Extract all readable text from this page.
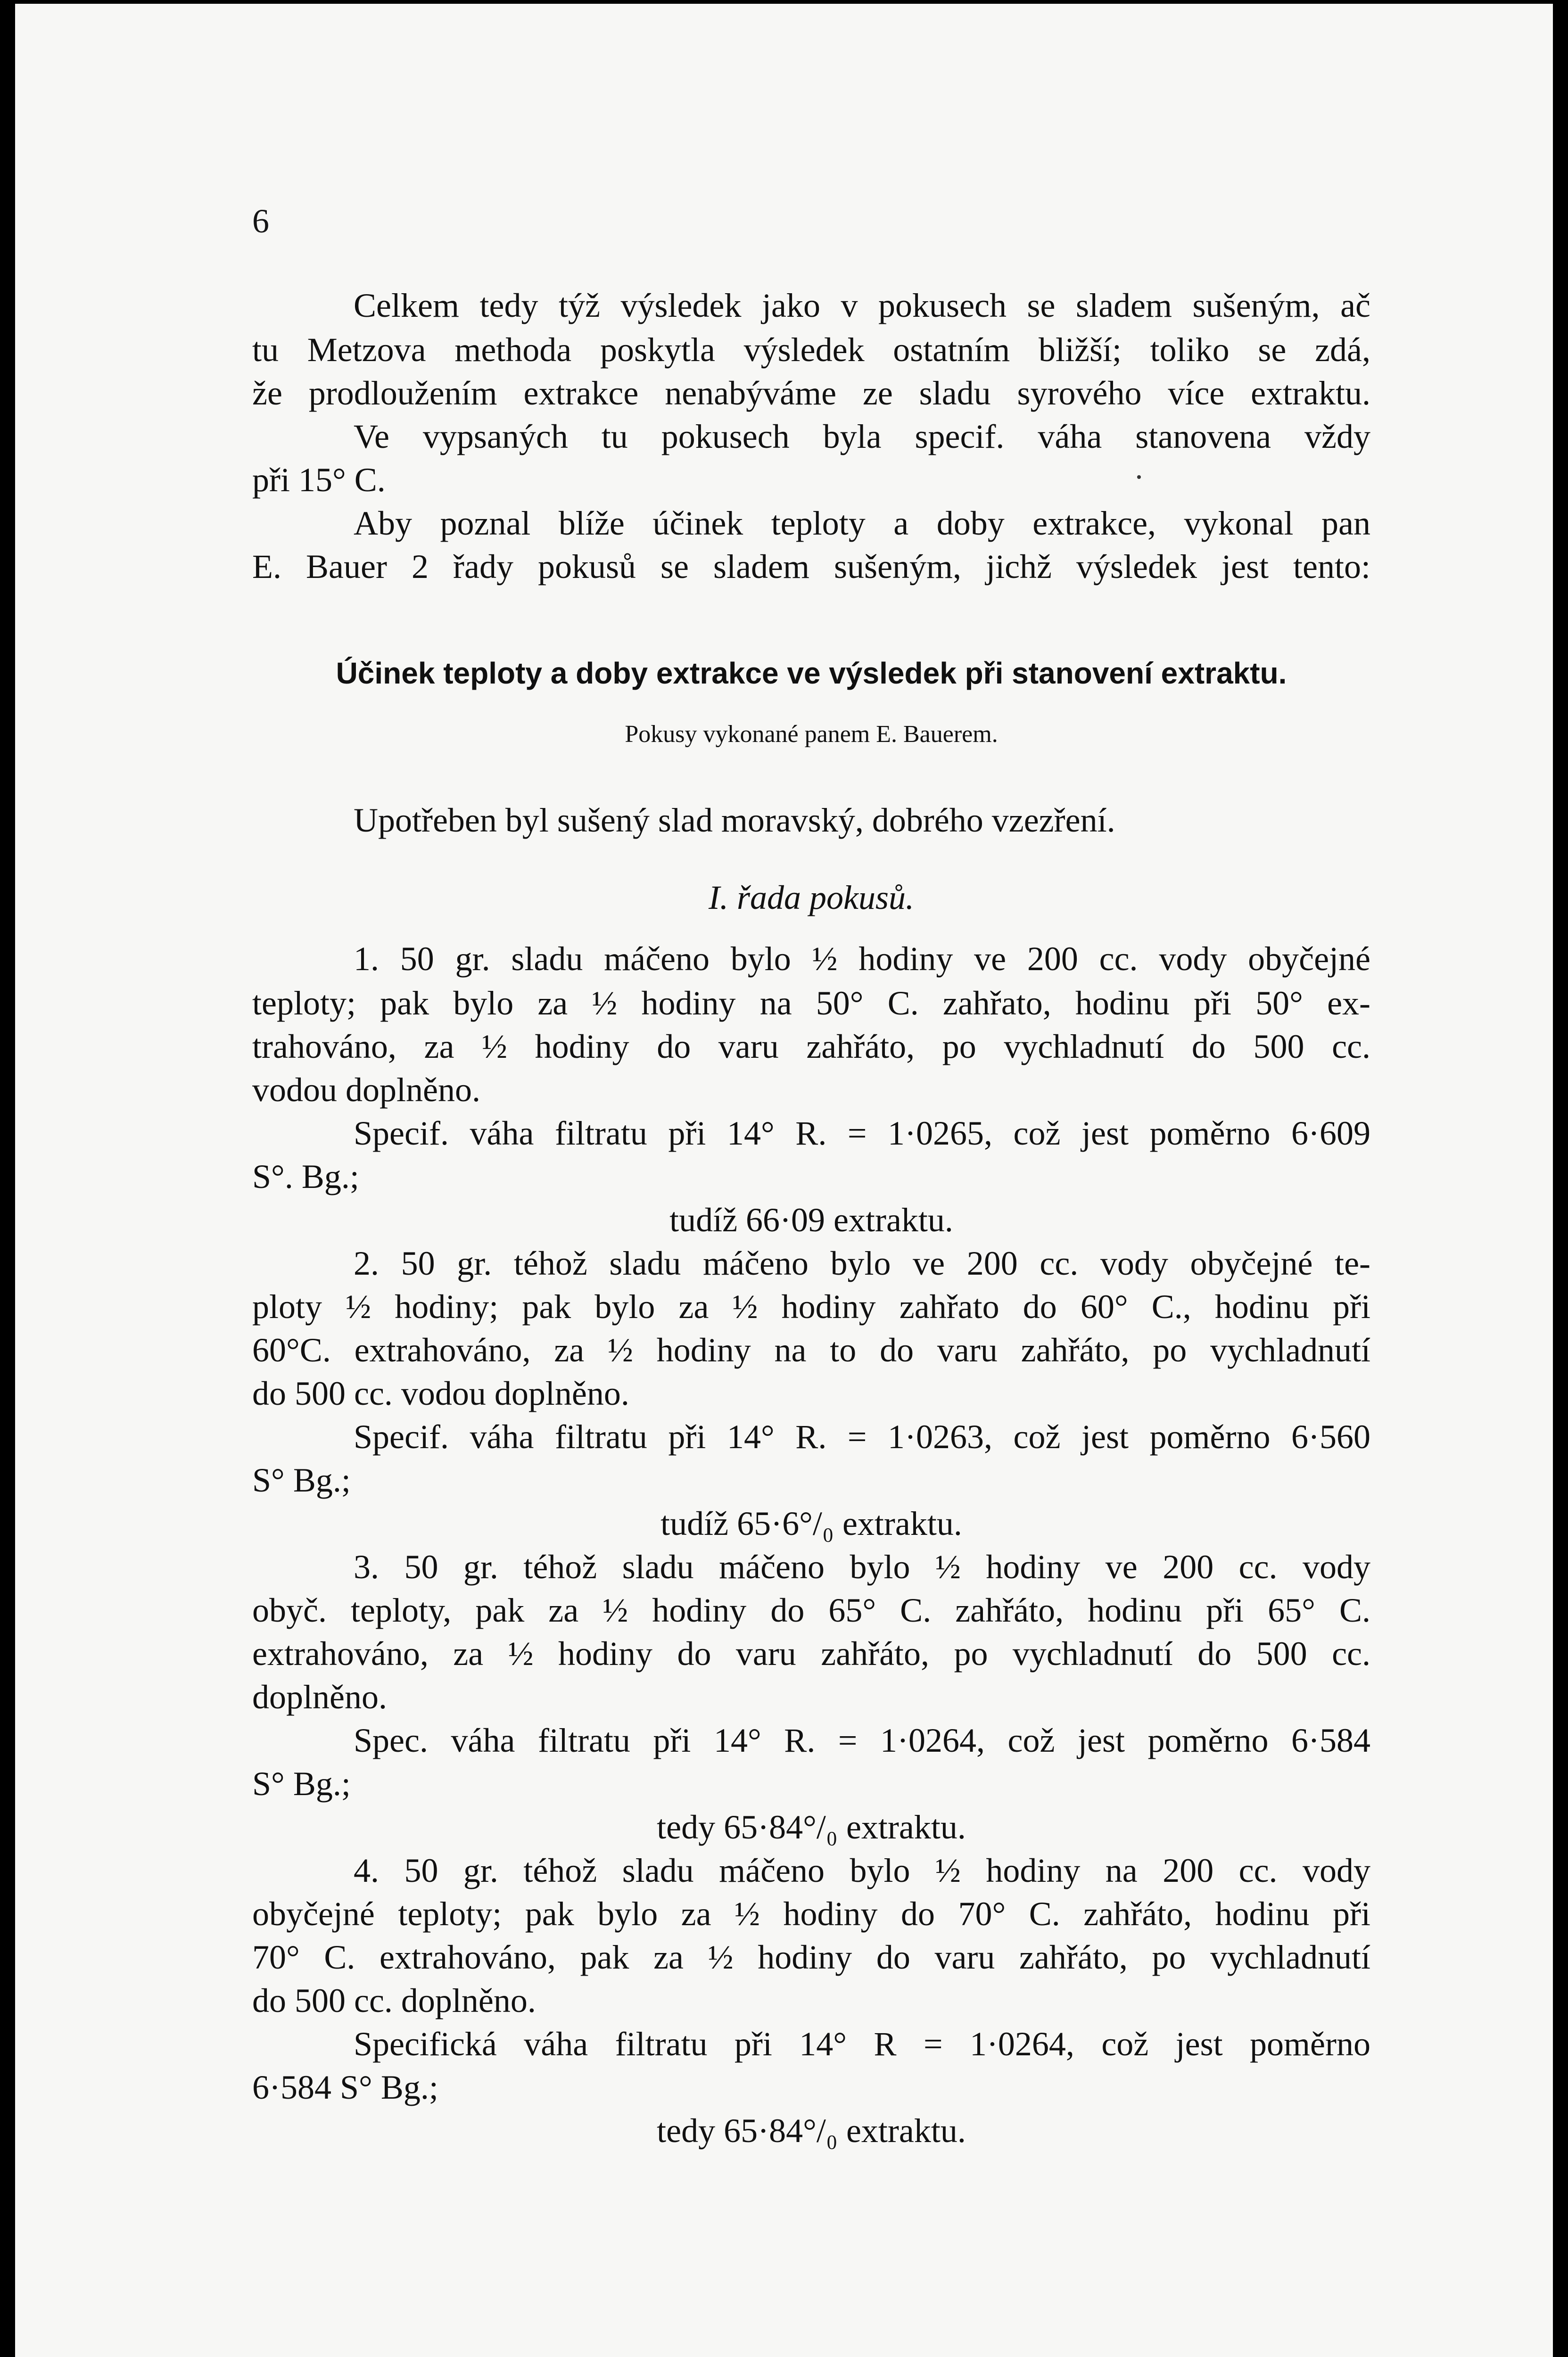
6
Celkem tedy týž výsledek jako v pokusech se sladem sušeným, ač
tu Metzova methoda poskytla výsledek ostatním bližší; toliko se zdá,
že prodloužením extrakce nenabýváme ze sladu syrového více extraktu.
Ve vypsaných tu pokusech byla specif. váha stanovena vždy
při 15° C.
Aby poznal blíže účinek teploty a doby extrakce, vykonal pan
E. Bauer 2 řady pokusů se sladem sušeným, jichž výsledek jest tento:
Účinek teploty a doby extrakce ve výsledek při stanovení extraktu.
Pokusy vykonané panem E. Bauerem.
Upotřeben byl sušený slad moravský, dobrého vzezření.
I. řada pokusů.
1. 50 gr. sladu máčeno bylo ½ hodiny ve 200 cc. vody obyčejné
teploty; pak bylo za ½ hodiny na 50° C. zahřato, hodinu při 50° ex-
trahováno, za ½ hodiny do varu zahřáto, po vychladnutí do 500 cc.
vodou doplněno.
Specif. váha filtratu při 14° R. = 1·0265, což jest poměrno 6·609
S°. Bg.;
tudíž 66·09 extraktu.
2. 50 gr. téhož sladu máčeno bylo ve 200 cc. vody obyčejné te-
ploty ½ hodiny; pak bylo za ½ hodiny zahřato do 60° C., hodinu při
60°C. extrahováno, za ½ hodiny na to do varu zahřáto, po vychladnutí
do 500 cc. vodou doplněno.
Specif. váha filtratu při 14° R. = 1·0263, což jest poměrno 6·560
S° Bg.;
tudíž 65·6°/₀ extraktu.
3. 50 gr. téhož sladu máčeno bylo ½ hodiny ve 200 cc. vody
obyč. teploty, pak za ½ hodiny do 65° C. zahřáto, hodinu při 65° C.
extrahováno, za ½ hodiny do varu zahřáto, po vychladnutí do 500 cc.
doplněno.
Spec. váha filtratu při 14° R. = 1·0264, což jest poměrno 6·584
S° Bg.;
tedy 65·84°/₀ extraktu.
4. 50 gr. téhož sladu máčeno bylo ½ hodiny na 200 cc. vody
obyčejné teploty; pak bylo za ½ hodiny do 70° C. zahřáto, hodinu při
70° C. extrahováno, pak za ½ hodiny do varu zahřáto, po vychladnutí
do 500 cc. doplněno.
Specifická váha filtratu při 14° R = 1·0264, což jest poměrno
6·584 S° Bg.;
tedy 65·84°/₀ extraktu.
